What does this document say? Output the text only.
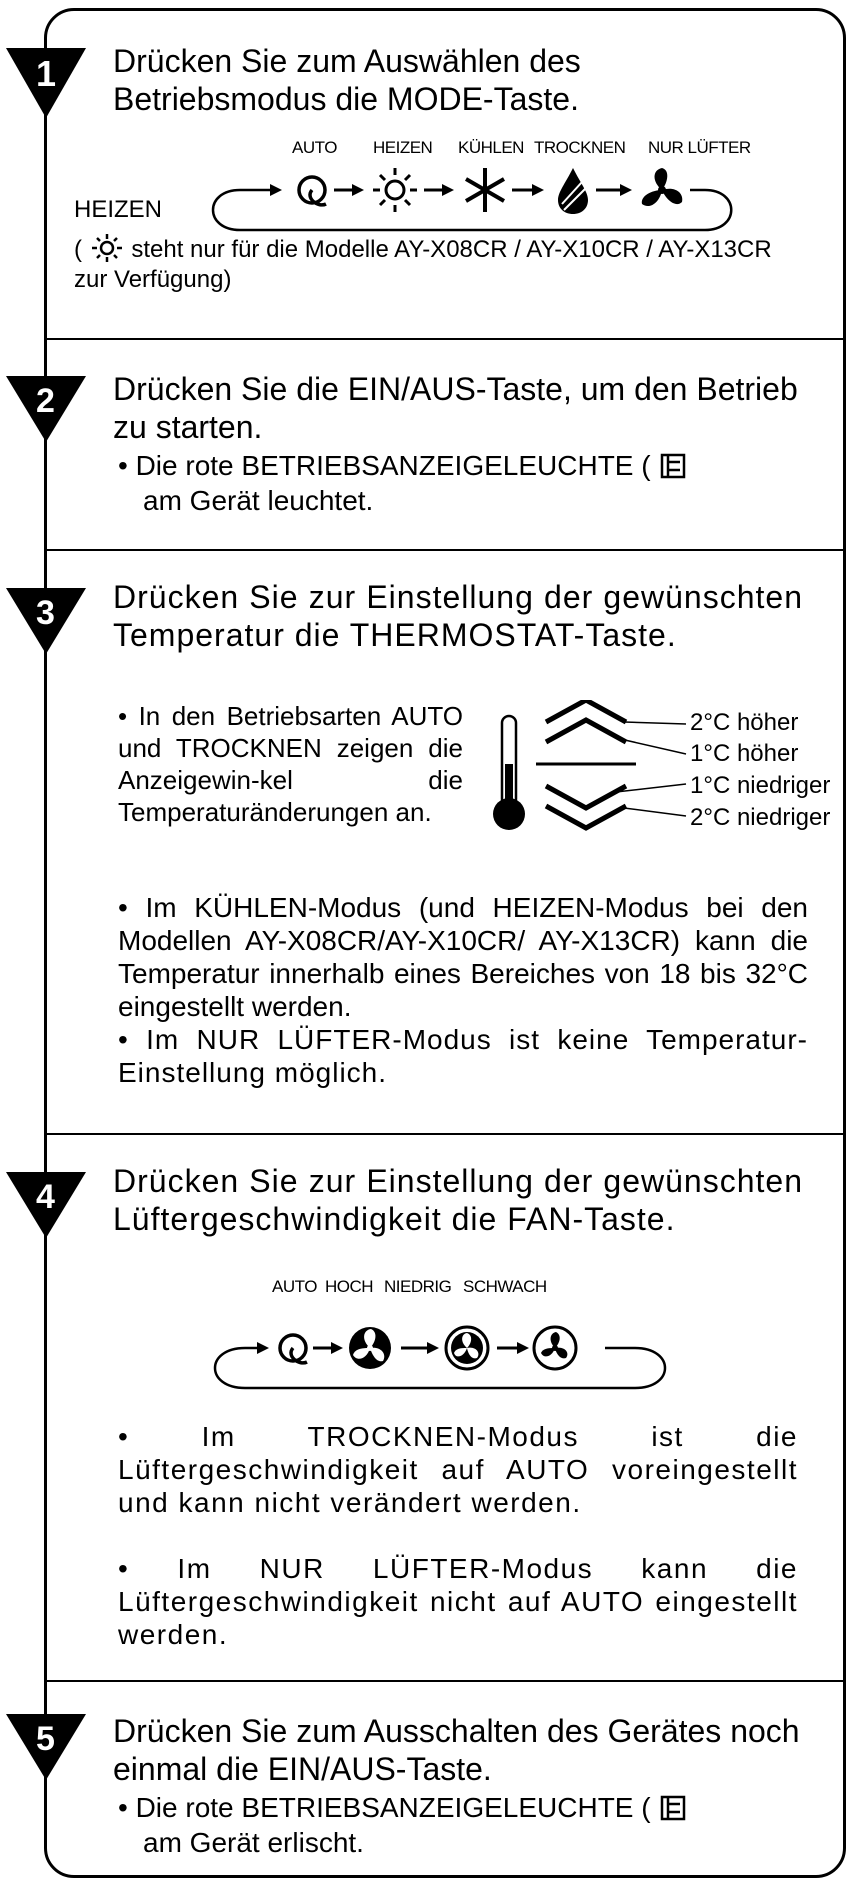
1 Drücken Sie zum Auswählen des Betriebsmodus die MODE-Taste.

AUTO HEIZEN KÜHLEN TROCKNEN NUR LÜFTER
HEIZEN
( steht nur für die Modelle AY-X08CR / AY-X10CR / AY-X13CR zur Verfügung)
2 Drücken Sie die EIN/AUS-Taste, um den Betrieb zu starten.

• Die rote BETRIEBSANZEIGELEUCHTE (
am Gerät leuchtet.
3 Drücken Sie zur Einstellung der gewünschten Temperatur die THERMOSTAT-Taste.

• In den Betriebsarten AUTO und TROCKNEN zeigen die Anzeigewin-kel die Temperaturänderungen an.
2°C höher
1°C höher
1°C niedriger
2°C niedriger
• Im KÜHLEN-Modus (und HEIZEN-Modus bei den Modellen AY-X08CR/AY-X10CR/ AY-X13CR) kann die Temperatur innerhalb eines Bereiches von 18 bis 32°C eingestellt werden.
• Im NUR LÜFTER-Modus ist keine Temperatur-Einstellung möglich.
4 Drücken Sie zur Einstellung der gewünschten Lüftergeschwindigkeit die FAN-Taste.

AUTO HOCH NIEDRIG SCHWACH
• Im TROCKNEN-Modus ist die Lüftergeschwindigkeit auf AUTO voreingestellt und kann nicht verändert werden.
• Im NUR LÜFTER-Modus kann die Lüftergeschwindigkeit nicht auf AUTO eingestellt werden.
5 Drücken Sie zum Ausschalten des Gerätes noch einmal die EIN/AUS-Taste.

• Die rote BETRIEBSANZEIGELEUCHTE (
am Gerät erlischt.
